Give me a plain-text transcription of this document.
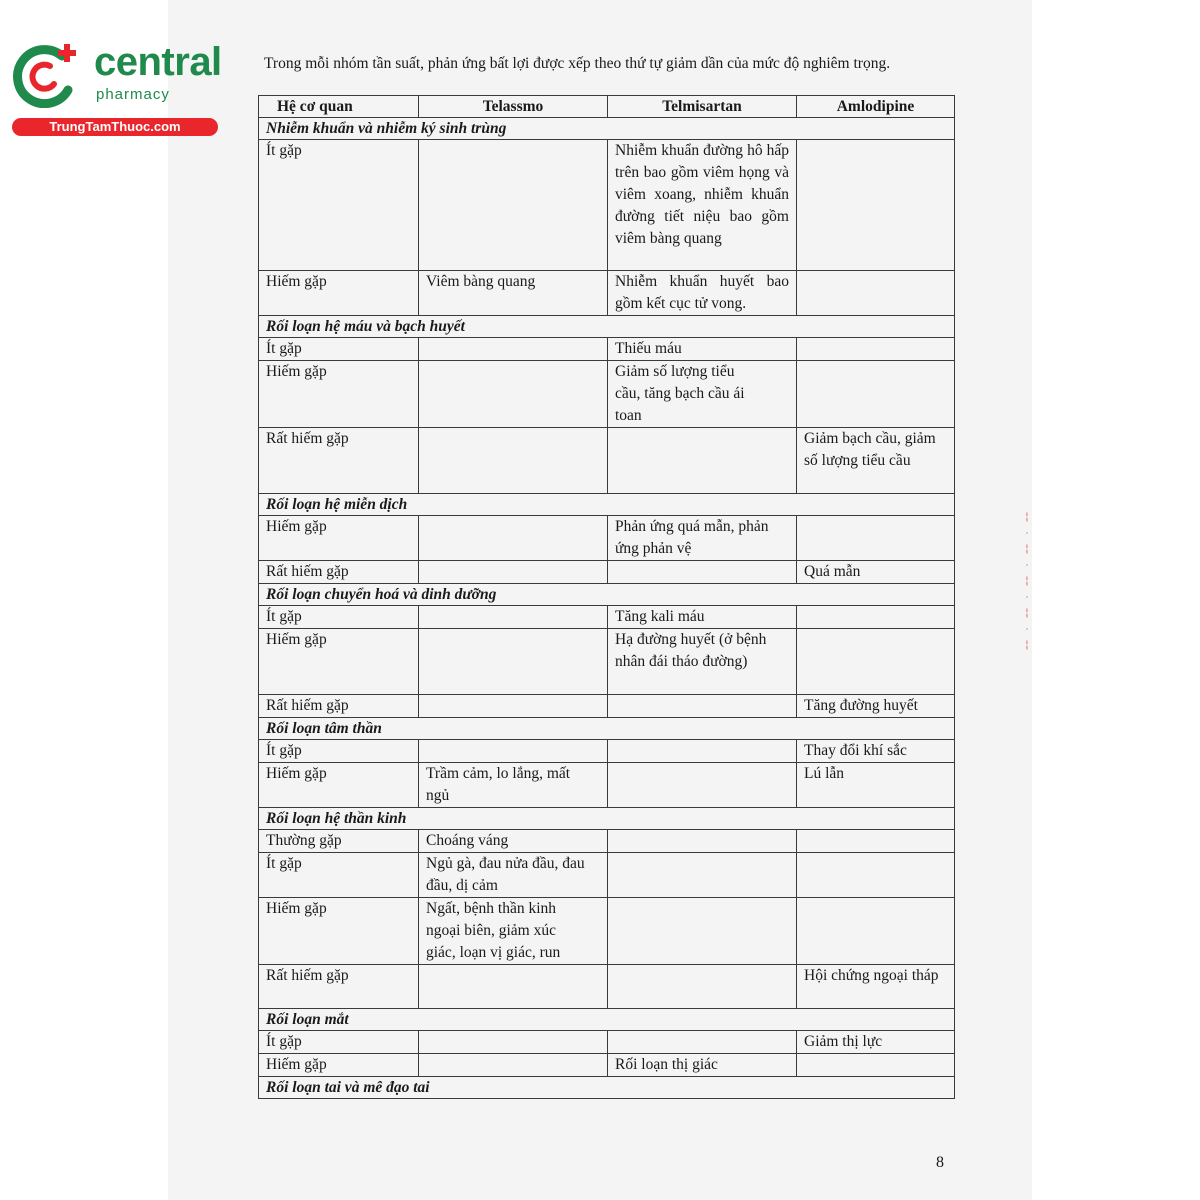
central
pharmacy
TrungTamThuoc.com
Trong mỗi nhóm tần suất, phản ứng bất lợi được xếp theo thứ tự giảm dần của mức độ nghiêm trọng.
Hệ cơ quan	Telassmo	Telmisartan	Amlodipine
Nhiễm khuẩn và nhiễm ký sinh trùng			
Ít gặp		Nhiễm khuẩn đường hô hấp trên bao gồm viêm họng và viêm xoang, nhiễm khuẩn đường tiết niệu bao gồm viêm bàng quang	
Hiếm gặp	Viêm bàng quang	Nhiễm khuẩn huyết bao gồm kết cục tử vong.	
Rối loạn hệ máu và bạch huyết			
Ít gặp		Thiếu máu	
Hiếm gặp		Giảm số lượng tiểu cầu, tăng bạch cầu ái toan	
Rất hiếm gặp			Giảm bạch cầu, giảm số lượng tiểu cầu
Rối loạn hệ miễn dịch			
Hiếm gặp		Phản ứng quá mẫn, phản ứng phản vệ	
Rất hiếm gặp			Quá mẫn
Rối loạn chuyển hoá và dinh dưỡng			
Ít gặp		Tăng kali máu	
Hiếm gặp		Hạ đường huyết (ở bệnh nhân đái tháo đường)	
Rất hiếm gặp			Tăng đường huyết
Rối loạn tâm thần			
Ít gặp			Thay đổi khí sắc
Hiếm gặp	Trầm cảm, lo lắng, mất ngủ		Lú lẫn
Rối loạn hệ thần kinh			
Thường gặp	Choáng váng		
Ít gặp	Ngủ gà, đau nửa đầu, đau đầu, dị cảm		
Hiếm gặp	Ngất, bệnh thần kinh ngoại biên, giảm xúc giác, loạn vị giác, run		
Rất hiếm gặp			Hội chứng ngoại tháp
Rối loạn mắt			
Ít gặp			Giảm thị lực
Hiếm gặp		Rối loạn thị giác	
Rối loạn tai và mê đạo tai			
╎
·
╎
·
╎
·
╎
·
╎
8
